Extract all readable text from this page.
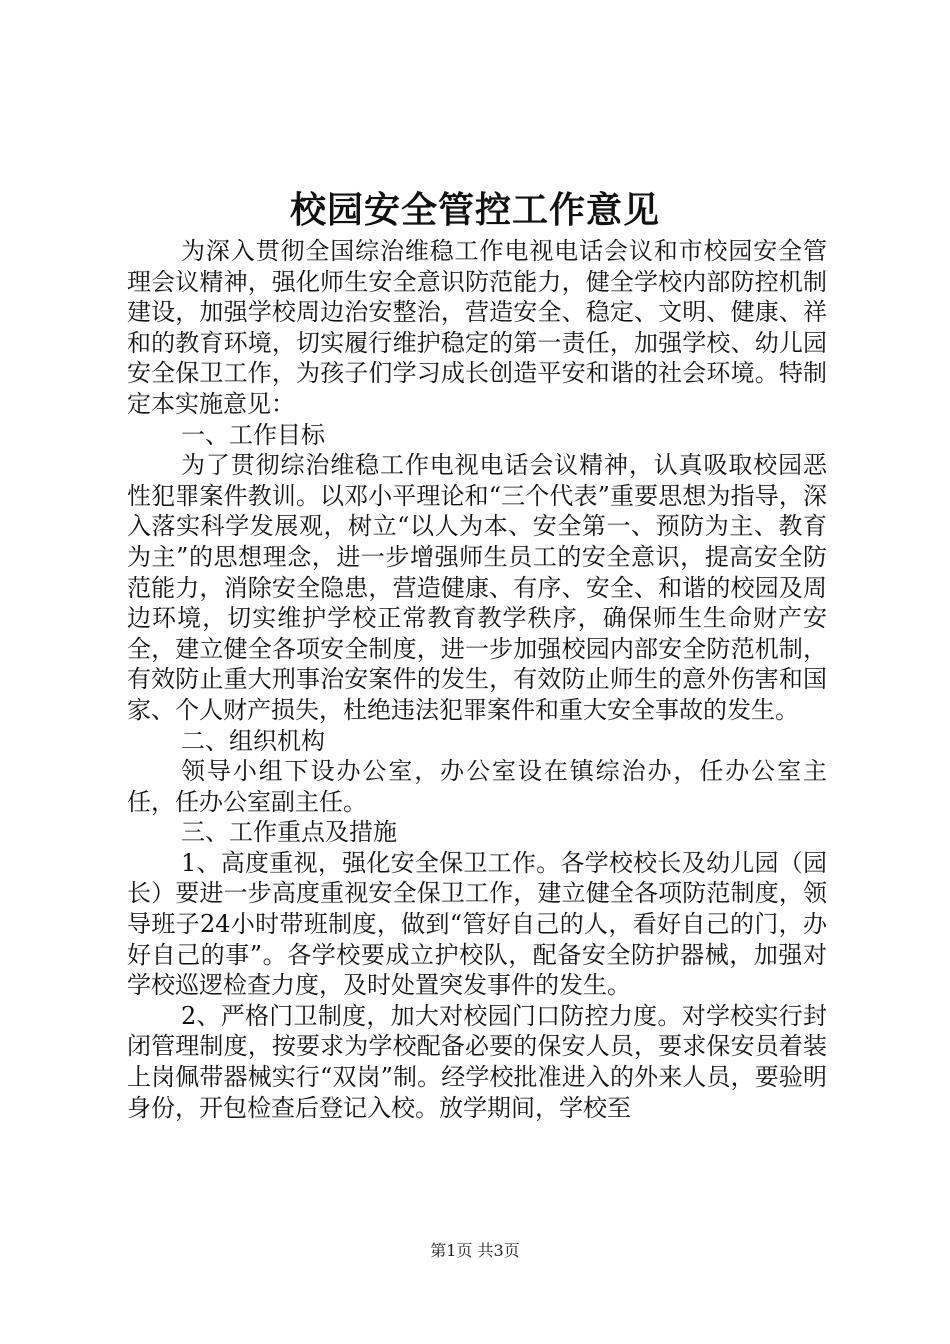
校园安全管控工作意见

为深入贯彻全国综治维稳工作电视电话会议和市校园安全管理会议精神，强化师生安全意识防范能力，健全学校内部防控机制建设，加强学校周边治安整治，营造安全、稳定、文明、健康、祥和的教育环境，切实履行维护稳定的第一责任，加强学校、幼儿园安全保卫工作，为孩子们学习成长创造平安和谐的社会环境。特制定本实施意见：

一、工作目标

为了贯彻综治维稳工作电视电话会议精神，认真吸取校园恶性犯罪案件教训。以邓小平理论和“三个代表”重要思想为指导，深入落实科学发展观，树立“以人为本、安全第一、预防为主、教育为主”的思想理念，进一步增强师生员工的安全意识，提高安全防范能力，消除安全隐患，营造健康、有序、安全、和谐的校园及周边环境，切实维护学校正常教育教学秩序，确保师生生命财产安全，建立健全各项安全制度，进一步加强校园内部安全防范机制，有效防止重大刑事治安案件的发生，有效防止师生的意外伤害和国家、个人财产损失，杜绝违法犯罪案件和重大安全事故的发生。

二、组织机构

领导小组下设办公室，办公室设在镇综治办，任办公室主任，任办公室副主任。

三、工作重点及措施

1、高度重视，强化安全保卫工作。各学校校长及幼儿园（园长）要进一步高度重视安全保卫工作，建立健全各项防范制度，领导班子24小时带班制度，做到“管好自己的人，看好自己的门，办好自己的事”。各学校要成立护校队，配备安全防护器械，加强对学校巡逻检查力度，及时处置突发事件的发生。

2、严格门卫制度，加大对校园门口防控力度。对学校实行封闭管理制度，按要求为学校配备必要的保安人员，要求保安员着装上岗佩带器械实行“双岗”制。经学校批准进入的外来人员，要验明身份，开包检查后登记入校。放学期间，学校至

第1页 共3页
